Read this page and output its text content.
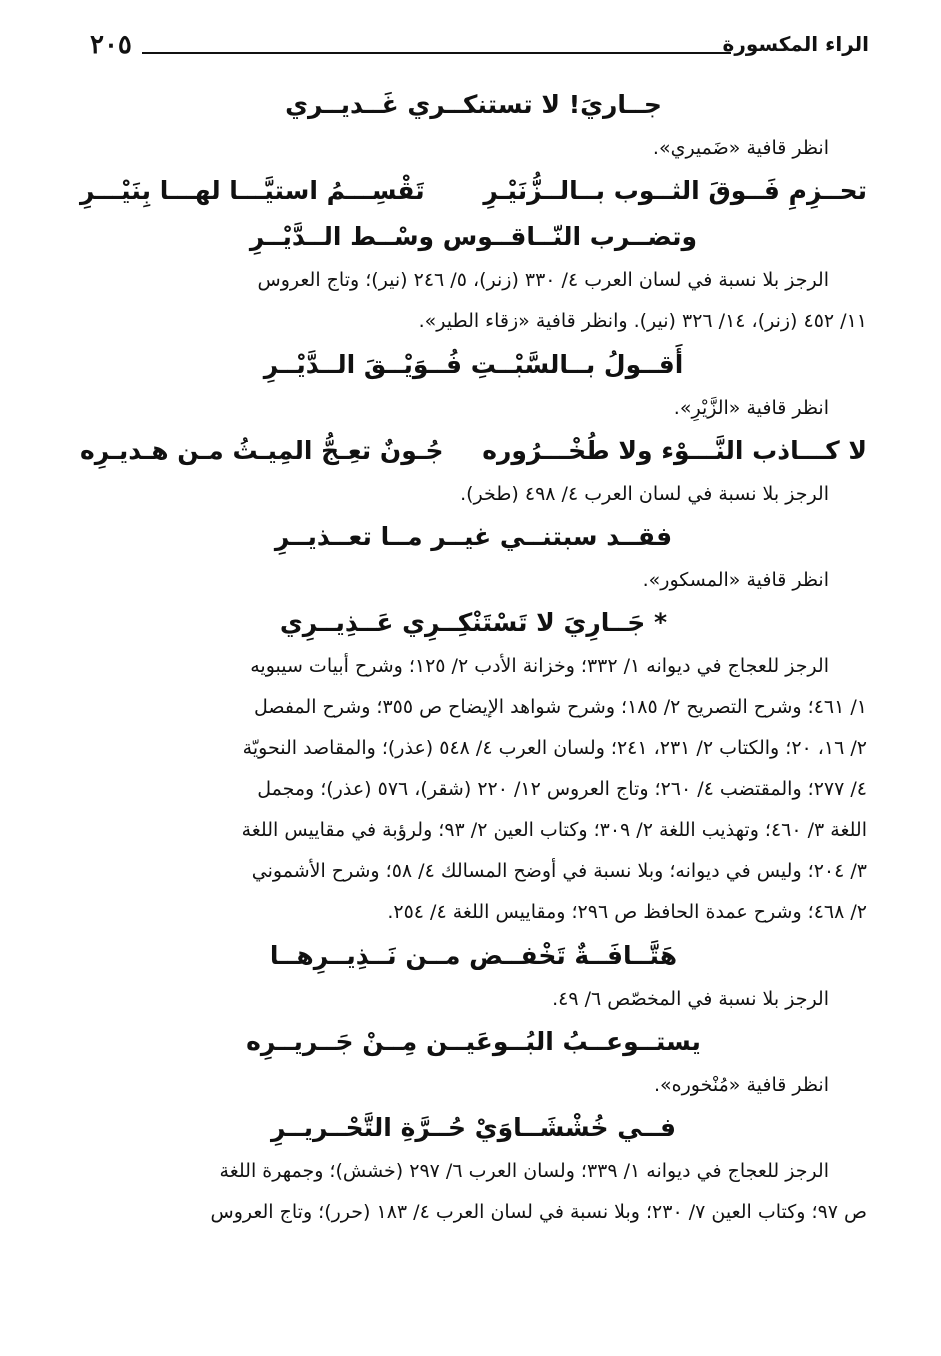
٢٠٥	الراء المكسورة
جــاريَ! لا تستنكــري غَــديــري
انظر قافية «ضَميري».
تحــزِمِ فَــوقَ الثــوب بــالــزُّنَيْـرِ
تَقْسِـــمُ استيَّـــا لهـــا بِنَيْـــرِ
وتضــرب النّــاقــوس وسْــط الــدَّيْــرِ
الرجز بلا نسبة في لسان العرب ٤/ ٣٣٠ (زنر)، ٥/ ٢٤٦ (نير)؛ وتاج العروس
١١/ ٤٥٢ (زنر)، ١٤/ ٣٢٦ (نير). وانظر قافية «زقاء الطير».
أَقــولُ بــالسَّبْــتِ فُــوَيْــقَ الــدَّيْــرِ
انظر قافية «الزَّيْرِ».
لا كـــاذب النَّـــوْء ولا طُخْـــرُوره
جُـونٌ تعِـجُّ المِيـثُ مـن هـديـرِه
الرجز بلا نسبة في لسان العرب ٤/ ٤٩٨ (طخر).
فقــد سبتنــي غيــر مــا تعــذيــرِ
انظر قافية «المسكور».
* جَــارِيَ لا تَسْتَنْكِــرِي عَــذِيــرِي
الرجز للعجاج في ديوانه ١/ ٣٣٢؛ وخزانة الأدب ٢/ ١٢٥؛ وشرح أبيات سيبويه
١/ ٤٦١؛ وشرح التصريح ٢/ ١٨٥؛ وشرح شواهد الإيضاح ص ٣٥٥؛ وشرح المفصل
٢/ ١٦، ٢٠؛ والكتاب ٢/ ٢٣١، ٢٤١؛ ولسان العرب ٤/ ٥٤٨ (عذر)؛ والمقاصد النحويّة
٤/ ٢٧٧؛ والمقتضب ٤/ ٢٦٠؛ وتاج العروس ١٢/ ٢٢٠ (شقر)، ٥٧٦ (عذر)؛ ومجمل
اللغة ٣/ ٤٦٠؛ وتهذيب اللغة ٢/ ٣٠٩؛ وكتاب العين ٢/ ٩٣؛ ولرؤبة في مقاييس اللغة
٣/ ٢٠٤؛ وليس في ديوانه؛ وبلا نسبة في أوضح المسالك ٤/ ٥٨؛ وشرح الأشموني
٢/ ٤٦٨؛ وشرح عمدة الحافظ ص ٢٩٦؛ ومقاييس اللغة ٤/ ٢٥٤.
هَتَّــافَــةٌ تَخْفــض مــن نَــذِيــرِهــا
الرجز بلا نسبة في المخصّص ٦/ ٤٩.
يستــوعــبُ البُــوعَيــن مِــنْ جَــريــرِه
انظر قافية «مُنْخوره».
فــي خُشْشَــاوَيْ حُــرَّةِ التَّحْــريــرِ
الرجز للعجاج في ديوانه ١/ ٣٣٩؛ ولسان العرب ٦/ ٢٩٧ (خشش)؛ وجمهرة اللغة
ص ٩٧؛ وكتاب العين ٧/ ٢٣٠؛ وبلا نسبة في لسان العرب ٤/ ١٨٣ (حرر)؛ وتاج العروس
